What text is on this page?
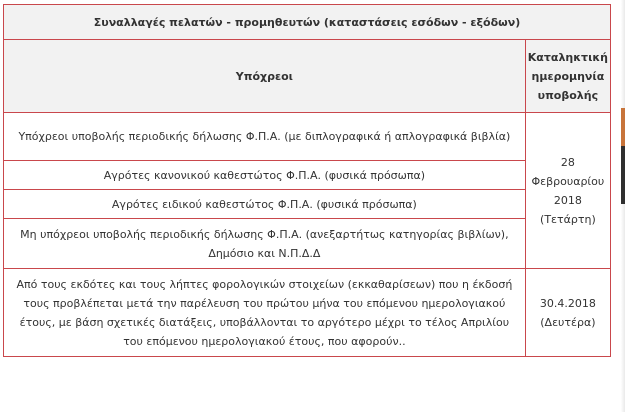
Συναλλαγές πελατών - προμηθευτών (καταστάσεις εσόδων - εξόδων)	
Υπόχρεοι	Καταληκτική ημερομηνία υποβολής
Υπόχρεοι υποβολής περιοδικής δήλωσης Φ.Π.Α. (με διπλογραφικά ή απλογραφικά βιβλία)	28 Φεβρουαρίου 2018 (Τετάρτη)
Αγρότες κανονικού καθεστώτος Φ.Π.Α. (φυσικά πρόσωπα)	
Αγρότες ειδικού καθεστώτος Φ.Π.Α. (φυσικά πρόσωπα)	
Μη υπόχρεοι υποβολής περιοδικής δήλωσης Φ.Π.Α. (ανεξαρτήτως κατηγορίας βιβλίων), Δημόσιο και Ν.Π.Δ.Δ	
Από τους εκδότες και τους λήπτες φορολογικών στοιχείων (εκκαθαρίσεων) που η έκδοσή τους προβλέπεται μετά την παρέλευση του πρώτου μήνα του επόμενου ημερολογιακού έτους, με βάση σχετικές διατάξεις, υποβάλλονται το αργότερο μέχρι το τέλος Απριλίου του επόμενου ημερολογιακού έτους, που αφορούν..	30.4.2018 (Δευτέρα)
